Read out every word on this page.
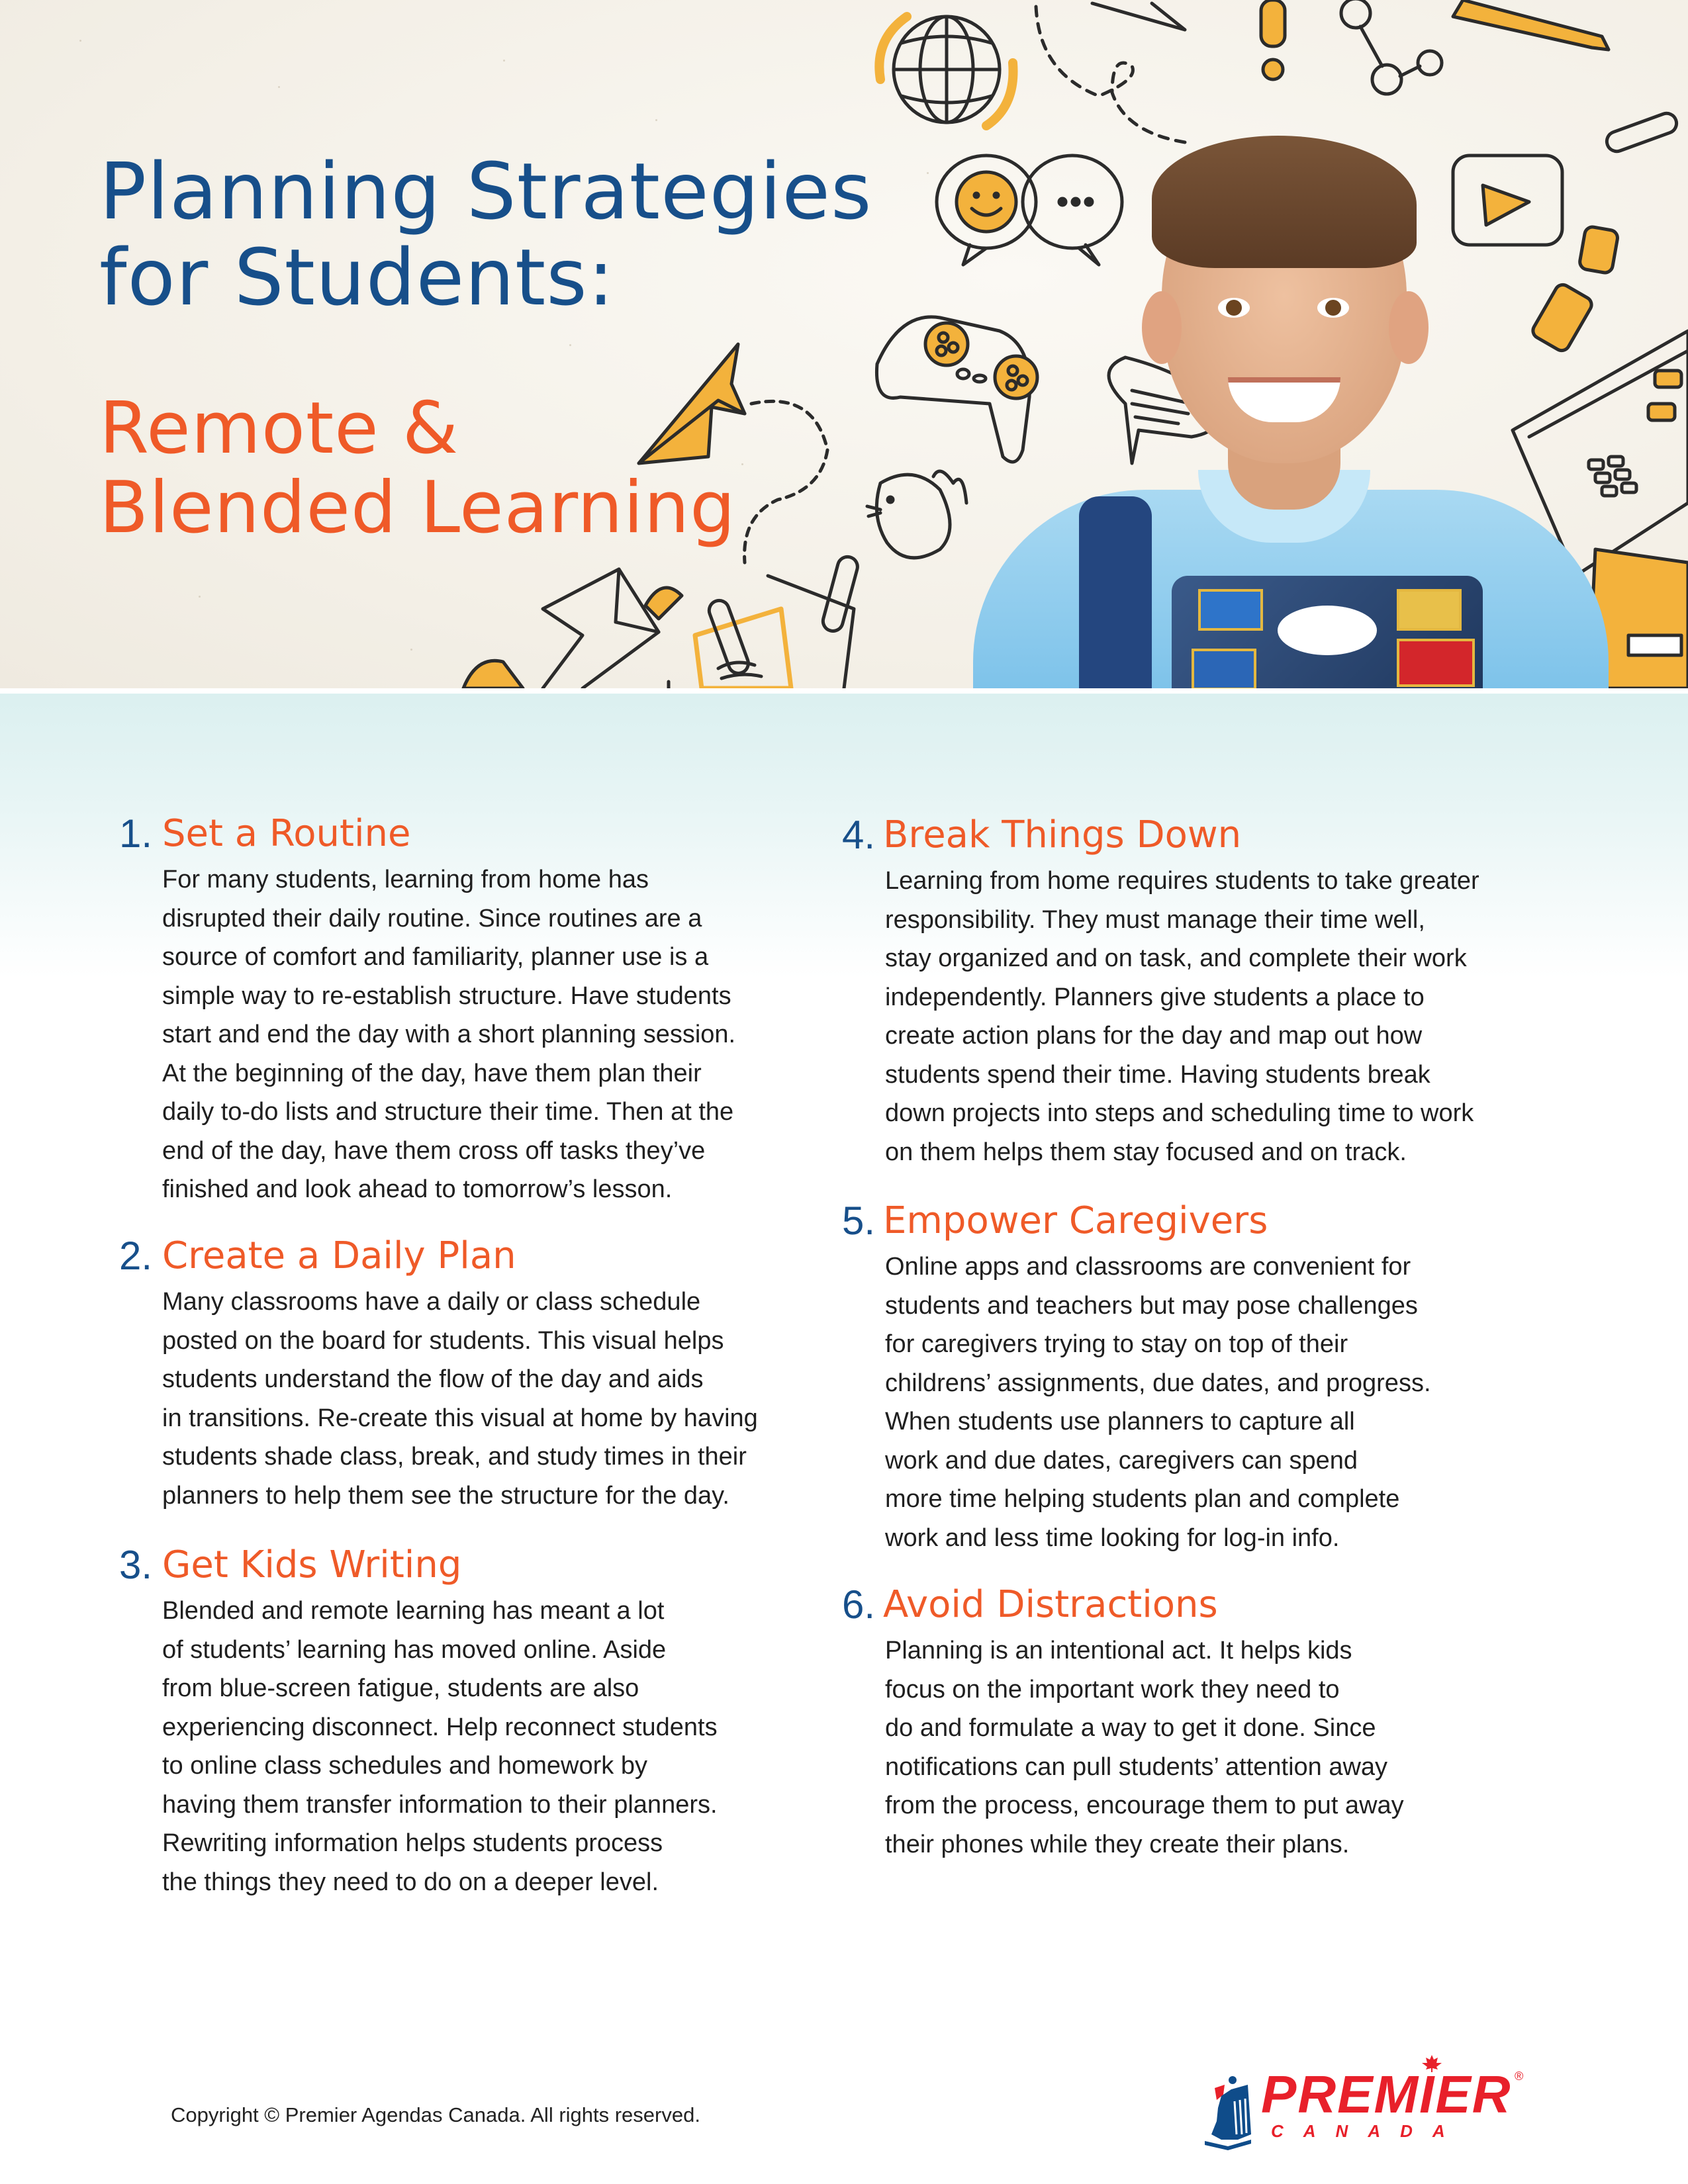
Planning Strategies
for Students:
Remote &
Blended Learning
1. Set a Routine

For many students, learning from home has
disrupted their daily routine. Since routines are a
source of comfort and familiarity, planner use is a
simple way to re-establish structure. Have students
start and end the day with a short planning session.
At the beginning of the day, have them plan their
daily to-do lists and structure their time. Then at the
end of the day, have them cross off tasks they’ve
finished and look ahead to tomorrow’s lesson.

2. Create a Daily Plan

Many classrooms have a daily or class schedule
posted on the board for students. This visual helps
students understand the flow of the day and aids
in transitions. Re-create this visual at home by having
students shade class, break, and study times in their
planners to help them see the structure for the day.

3. Get Kids Writing

Blended and remote learning has meant a lot
of students’ learning has moved online. Aside
from blue-screen fatigue, students are also
experiencing disconnect. Help reconnect students
to online class schedules and homework by
having them transfer information to their planners.
Rewriting information helps students process
the things they need to do on a deeper level.

4. Break Things Down

Learning from home requires students to take greater
responsibility. They must manage their time well,
stay organized and on task, and complete their work
independently. Planners give students a place to
create action plans for the day and map out how
students spend their time. Having students break
down projects into steps and scheduling time to work
on them helps them stay focused and on track.

5. Empower Caregivers

Online apps and classrooms are convenient for
students and teachers but may pose challenges
for caregivers trying to stay on top of their
childrens’ assignments, due dates, and progress.
When students use planners to capture all
work and due dates, caregivers can spend
more time helping students plan and complete
work and less time looking for log-in info.

6. Avoid Distractions

Planning is an intentional act. It helps kids
focus on the important work they need to
do and formulate a way to get it done. Since
notifications can pull students’ attention away
from the process, encourage them to put away
their phones while they create their plans.

Copyright © Premier Agendas Canada. All rights reserved.	PREMIER ®
CANADA
